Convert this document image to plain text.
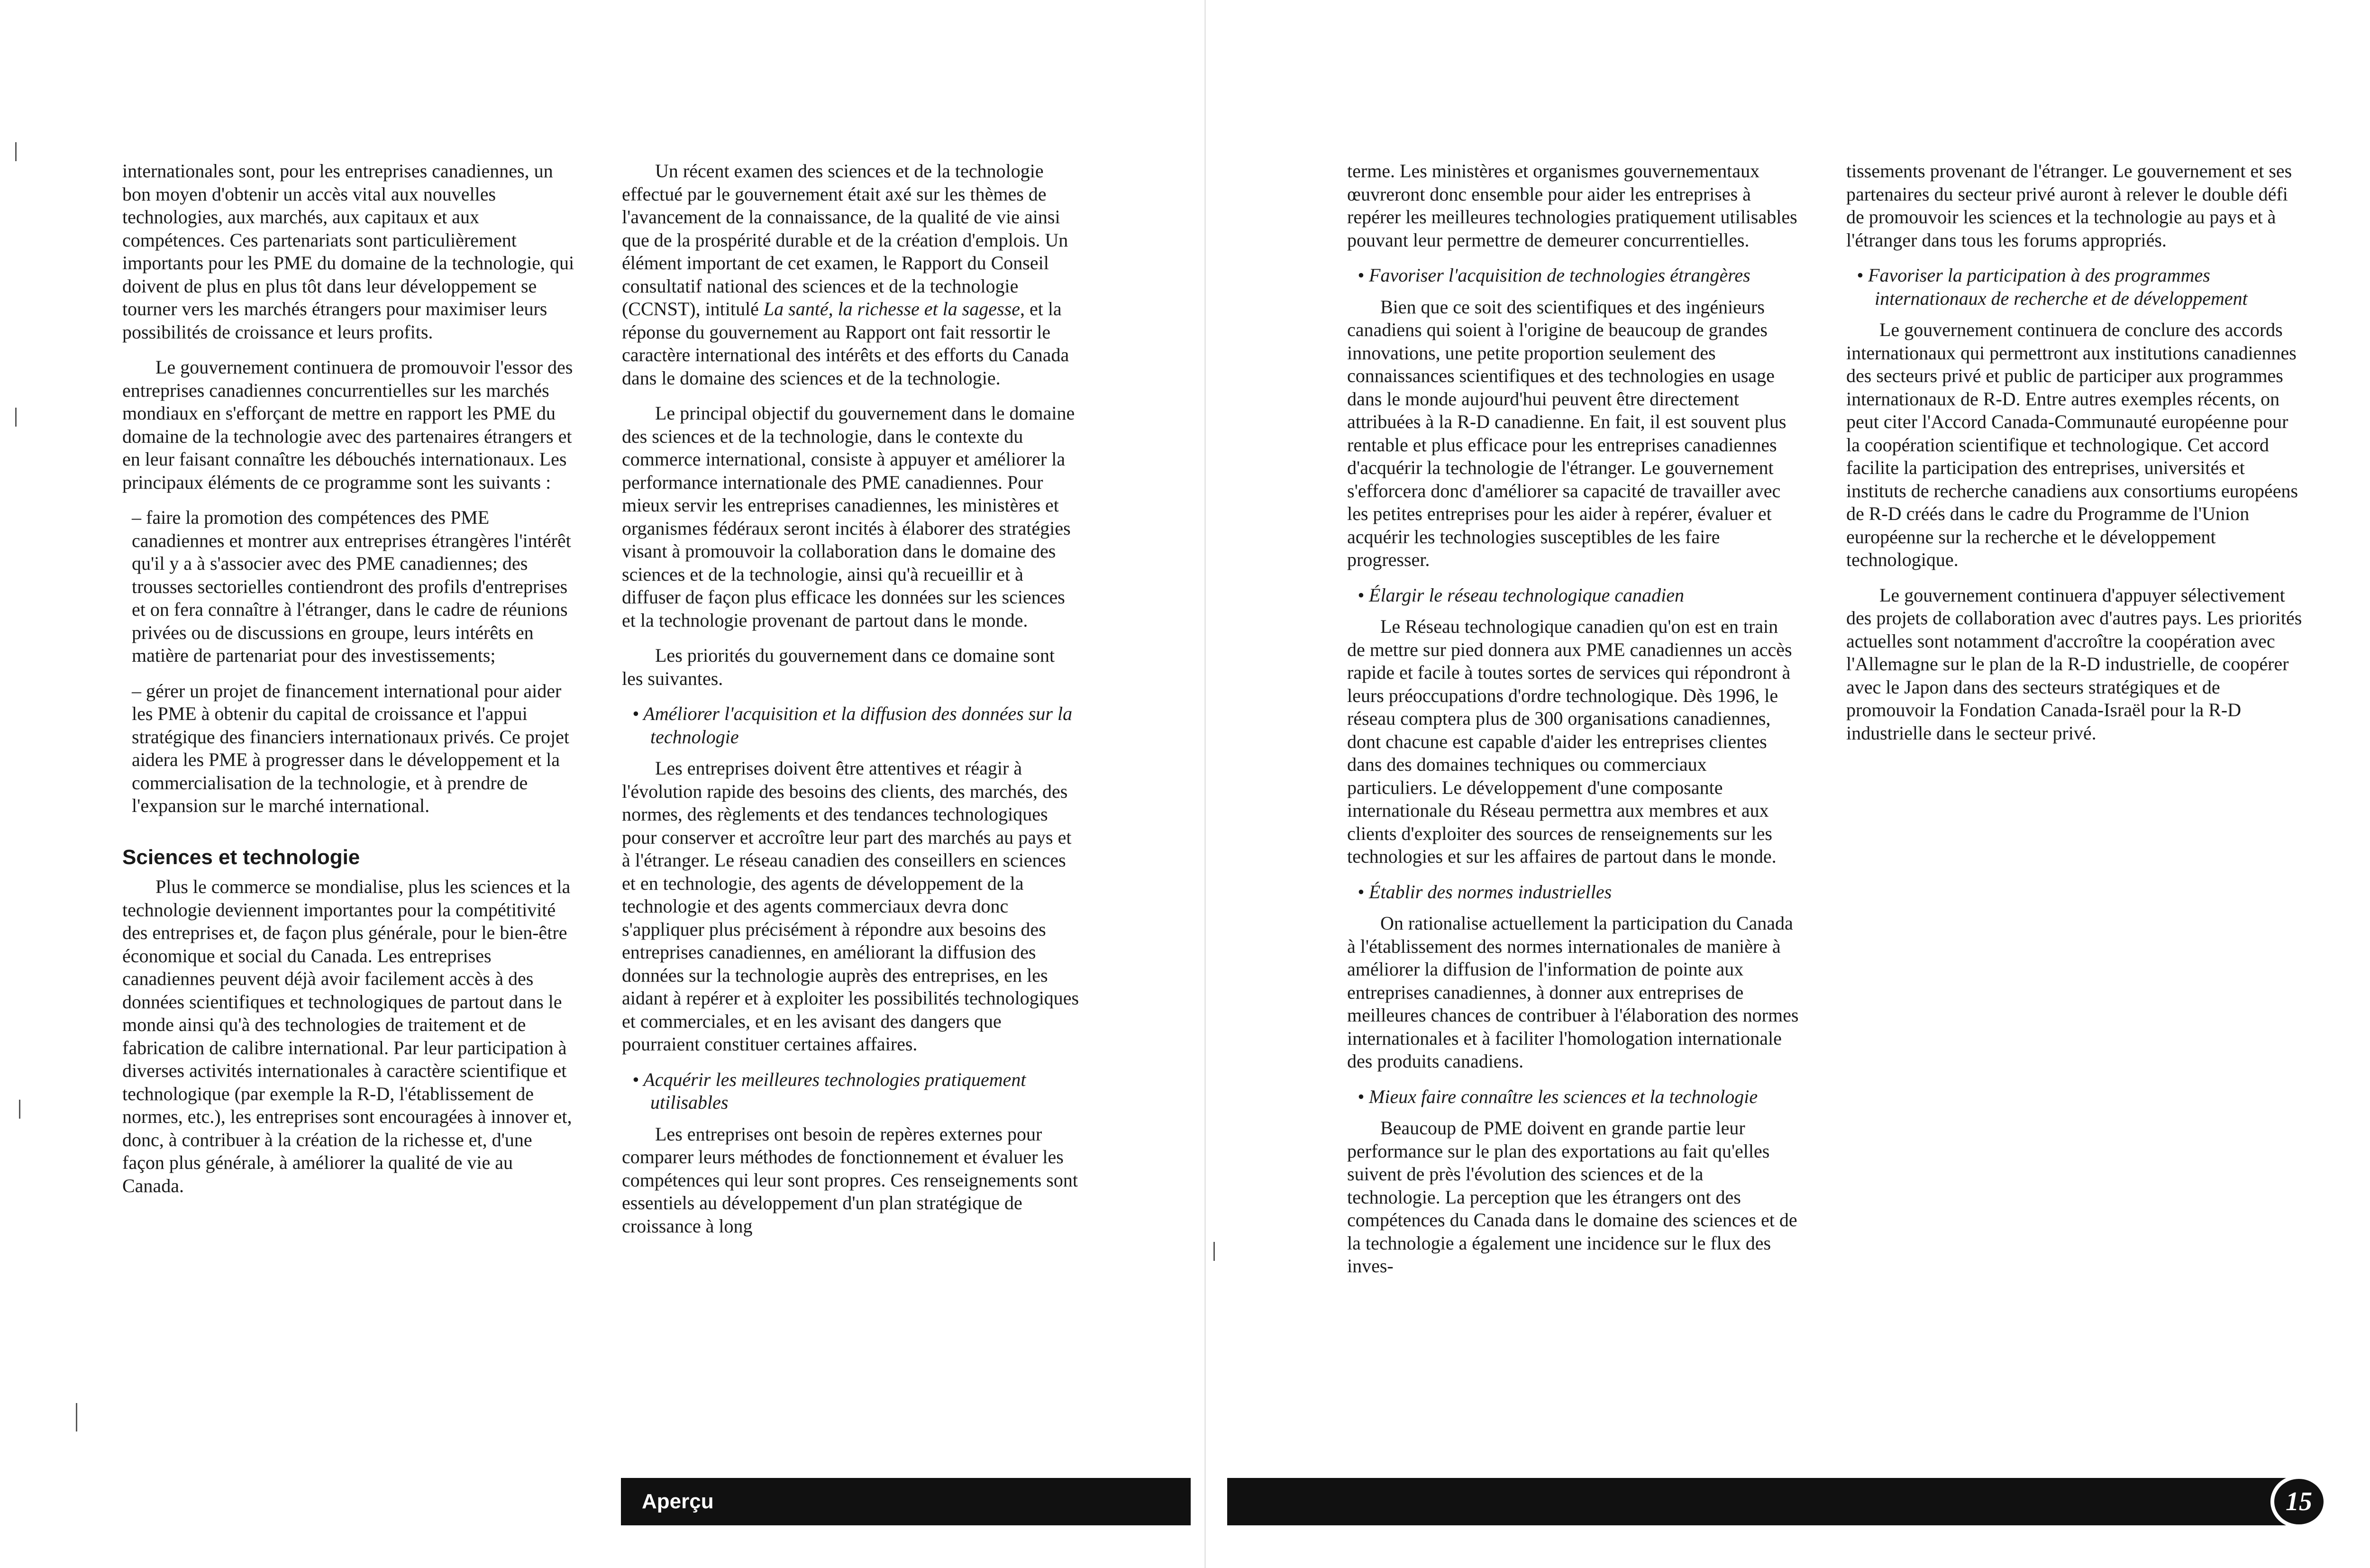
internationales sont, pour les entreprises canadiennes, un bon moyen d'obtenir un accès vital aux nouvelles technologies, aux marchés, aux capitaux et aux compétences. Ces partenariats sont particulièrement importants pour les PME du domaine de la technologie, qui doivent de plus en plus tôt dans leur développement se tourner vers les marchés étrangers pour maximiser leurs possibilités de croissance et leurs profits.

Le gouvernement continuera de promouvoir l'essor des entreprises canadiennes concurrentielles sur les marchés mondiaux en s'efforçant de mettre en rapport les PME du domaine de la technologie avec des partenaires étrangers et en leur faisant connaître les débouchés internationaux. Les principaux éléments de ce programme sont les suivants :

– faire la promotion des compétences des PME canadiennes et montrer aux entreprises étrangères l'intérêt qu'il y a à s'associer avec des PME canadiennes; des trousses sectorielles contiendront des profils d'entreprises et on fera connaître à l'étranger, dans le cadre de réunions privées ou de discussions en groupe, leurs intérêts en matière de partenariat pour des investissements;

– gérer un projet de financement international pour aider les PME à obtenir du capital de croissance et l'appui stratégique des financiers internationaux privés. Ce projet aidera les PME à progresser dans le développement et la commercialisation de la technologie, et à prendre de l'expansion sur le marché international.

Sciences et technologie

Plus le commerce se mondialise, plus les sciences et la technologie deviennent importantes pour la compétitivité des entreprises et, de façon plus générale, pour le bien-être économique et social du Canada. Les entreprises canadiennes peuvent déjà avoir facilement accès à des données scientifiques et technologiques de partout dans le monde ainsi qu'à des technologies de traitement et de fabrication de calibre international. Par leur participation à diverses activités internationales à caractère scientifique et technologique (par exemple la R-D, l'établissement de normes, etc.), les entreprises sont encouragées à innover et, donc, à contribuer à la création de la richesse et, d'une façon plus générale, à améliorer la qualité de vie au Canada.

Un récent examen des sciences et de la technologie effectué par le gouvernement était axé sur les thèmes de l'avancement de la connaissance, de la qualité de vie ainsi que de la prospérité durable et de la création d'emplois. Un élément important de cet examen, le Rapport du Conseil consultatif national des sciences et de la technologie (CCNST), intitulé La santé, la richesse et la sagesse, et la réponse du gouvernement au Rapport ont fait ressortir le caractère international des intérêts et des efforts du Canada dans le domaine des sciences et de la technologie.

Le principal objectif du gouvernement dans le domaine des sciences et de la technologie, dans le contexte du commerce international, consiste à appuyer et améliorer la performance internationale des PME canadiennes. Pour mieux servir les entreprises canadiennes, les ministères et organismes fédéraux seront incités à élaborer des stratégies visant à promouvoir la collaboration dans le domaine des sciences et de la technologie, ainsi qu'à recueillir et à diffuser de façon plus efficace les données sur les sciences et la technologie provenant de partout dans le monde.

Les priorités du gouvernement dans ce domaine sont les suivantes.

• Améliorer l'acquisition et la diffusion des données sur la technologie

Les entreprises doivent être attentives et réagir à l'évolution rapide des besoins des clients, des marchés, des normes, des règlements et des tendances technologiques pour conserver et accroître leur part des marchés au pays et à l'étranger. Le réseau canadien des conseillers en sciences et en technologie, des agents de développement de la technologie et des agents commerciaux devra donc s'appliquer plus précisément à répondre aux besoins des entreprises canadiennes, en améliorant la diffusion des données sur la technologie auprès des entreprises, en les aidant à repérer et à exploiter les possibilités technologiques et commerciales, et en les avisant des dangers que pourraient constituer certaines affaires.

• Acquérir les meilleures technologies pratiquement utilisables

Les entreprises ont besoin de repères externes pour comparer leurs méthodes de fonctionnement et évaluer les compétences qui leur sont propres. Ces renseignements sont essentiels au développement d'un plan stratégique de croissance à long

terme. Les ministères et organismes gouvernementaux œuvreront donc ensemble pour aider les entreprises à repérer les meilleures technologies pratiquement utilisables pouvant leur permettre de demeurer concurrentielles.

• Favoriser l'acquisition de technologies étrangères

Bien que ce soit des scientifiques et des ingénieurs canadiens qui soient à l'origine de beaucoup de grandes innovations, une petite proportion seulement des connaissances scientifiques et des technologies en usage dans le monde aujourd'hui peuvent être directement attribuées à la R-D canadienne. En fait, il est souvent plus rentable et plus efficace pour les entreprises canadiennes d'acquérir la technologie de l'étranger. Le gouvernement s'efforcera donc d'améliorer sa capacité de travailler avec les petites entreprises pour les aider à repérer, évaluer et acquérir les technologies susceptibles de les faire progresser.

• Élargir le réseau technologique canadien

Le Réseau technologique canadien qu'on est en train de mettre sur pied donnera aux PME canadiennes un accès rapide et facile à toutes sortes de services qui répondront à leurs préoccupations d'ordre technologique. Dès 1996, le réseau comptera plus de 300 organisations canadiennes, dont chacune est capable d'aider les entreprises clientes dans des domaines techniques ou commerciaux particuliers. Le développement d'une composante internationale du Réseau permettra aux membres et aux clients d'exploiter des sources de renseignements sur les technologies et sur les affaires de partout dans le monde.

• Établir des normes industrielles

On rationalise actuellement la participation du Canada à l'établissement des normes internationales de manière à améliorer la diffusion de l'information de pointe aux entreprises canadiennes, à donner aux entreprises de meilleures chances de contribuer à l'élaboration des normes internationales et à faciliter l'homologation internationale des produits canadiens.

• Mieux faire connaître les sciences et la technologie

Beaucoup de PME doivent en grande partie leur performance sur le plan des exportations au fait qu'elles suivent de près l'évolution des sciences et de la technologie. La perception que les étrangers ont des compétences du Canada dans le domaine des sciences et de la technologie a également une incidence sur le flux des inves-

tissements provenant de l'étranger. Le gouvernement et ses partenaires du secteur privé auront à relever le double défi de promouvoir les sciences et la technologie au pays et à l'étranger dans tous les forums appropriés.

• Favoriser la participation à des programmes internationaux de recherche et de développement

Le gouvernement continuera de conclure des accords internationaux qui permettront aux institutions canadiennes des secteurs privé et public de participer aux programmes internationaux de R-D. Entre autres exemples récents, on peut citer l'Accord Canada-Communauté européenne pour la coopération scientifique et technologique. Cet accord facilite la participation des entreprises, universités et instituts de recherche canadiens aux consortiums européens de R-D créés dans le cadre du Programme de l'Union européenne sur la recherche et le développement technologique.

Le gouvernement continuera d'appuyer sélectivement des projets de collaboration avec d'autres pays. Les priorités actuelles sont notamment d'accroître la coopération avec l'Allemagne sur le plan de la R-D industrielle, de coopérer avec le Japon dans des secteurs stratégiques et de promouvoir la Fondation Canada-Israël pour la R-D industrielle dans le secteur privé.

Aperçu	15
